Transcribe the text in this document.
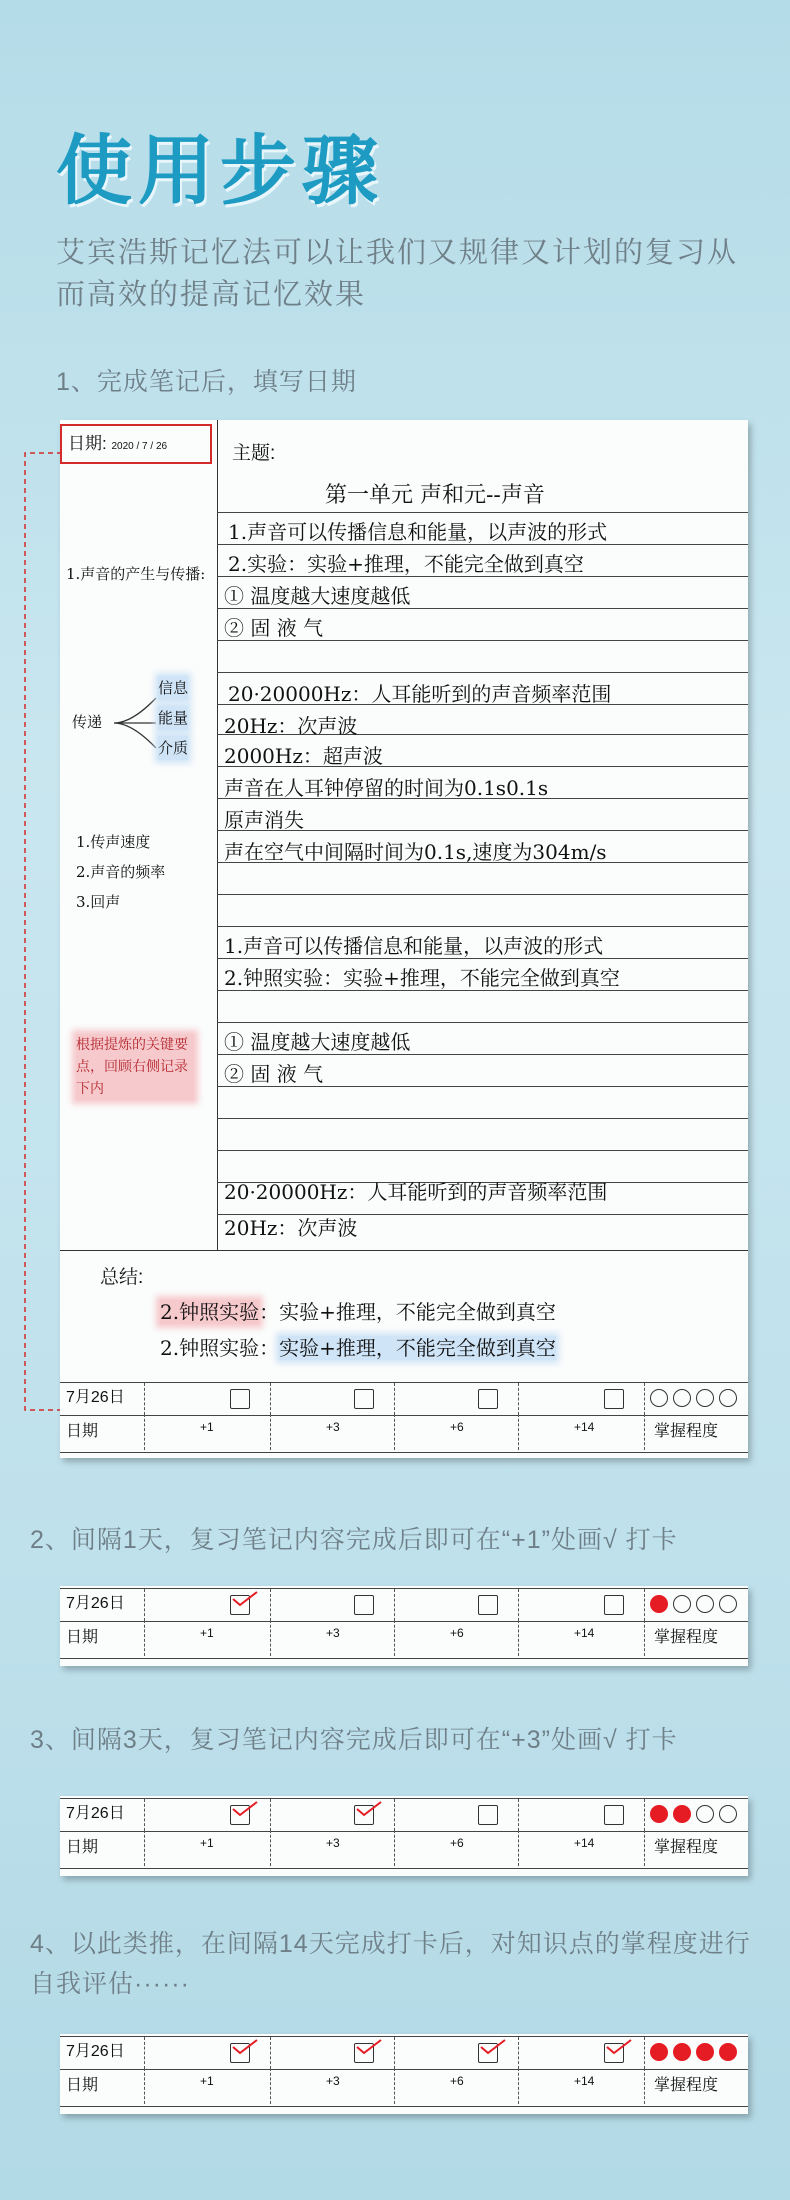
使用步骤
艾宾浩斯记忆法可以让我们又规律又计划的复习从而高效的提高记忆效果
1、完成笔记后，填写日期
日期: 2020 / 7 / 26	主题:
第一单元 声和元--声音
1.声音可以传播信息和能量，以声波的形式
2.实验：实验+推理，不能完全做到真空
① 温度越大速度越低
② 固 液 气
20·20000Hz：人耳能听到的声音频率范围
20Hz：次声波
2000Hz：超声波
声音在人耳钟停留的时间为0.1s0.1s
原声消失
声在空气中间隔时间为0.1s,速度为304m/s
1.声音可以传播信息和能量，以声波的形式
2.钟照实验：实验+推理，不能完全做到真空
① 温度越大速度越低
② 固 液 气
20·20000Hz：人耳能听到的声音频率范围
20Hz：次声波
1.声音的产生与传播:
传递
信息
能量
介质
1.传声速度
2.声音的频率
3.回声
根据提炼的关键要点，回顾右侧记录下内
总结:
2.钟照实验：实验+推理，不能完全做到真空
2.钟照实验：实验+推理，不能完全做到真空
7月26日
日期	+1	+3	+6	+14	掌握程度
2、间隔1天，复习笔记内容完成后即可在“+1”处画√ 打卡
7月26日
日期	+1	+3	+6	+14	掌握程度
3、间隔3天，复习笔记内容完成后即可在“+3”处画√ 打卡
7月26日
日期	+1	+3	+6	+14	掌握程度
4、以此类推，在间隔14天完成打卡后，对知识点的掌程度进行自我评估······
7月26日
日期	+1	+3	+6	+14	掌握程度
